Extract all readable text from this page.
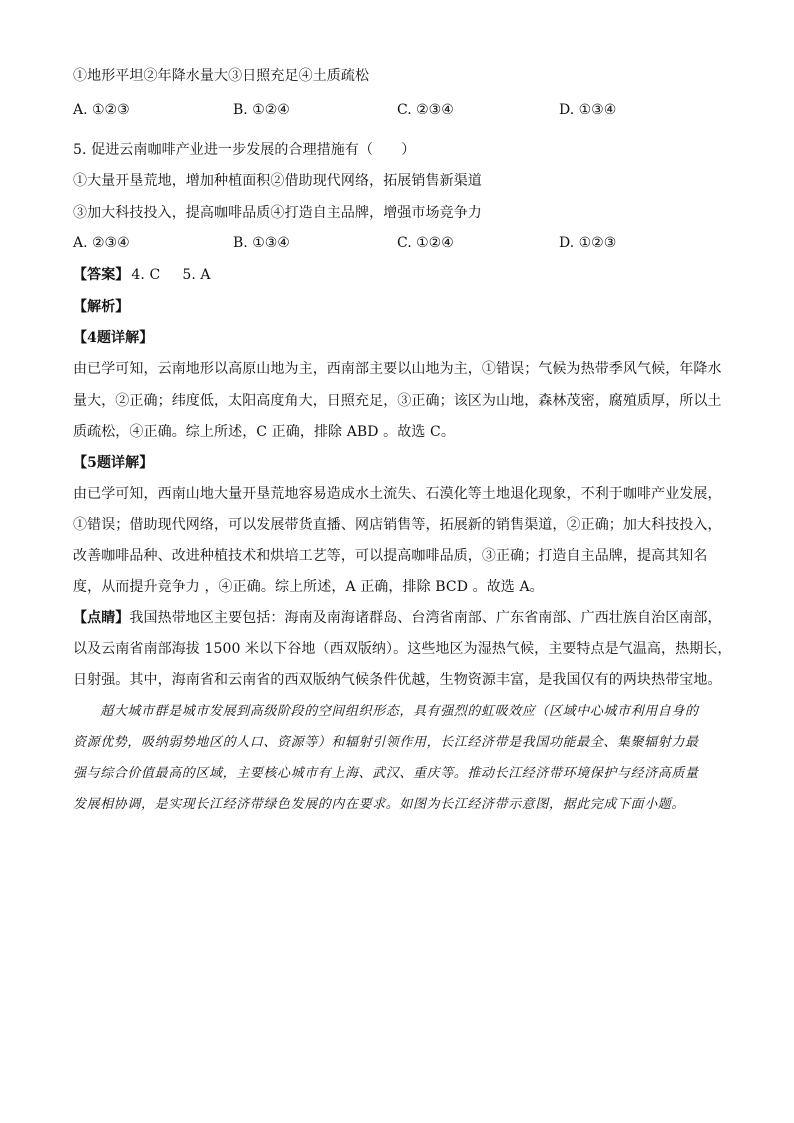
①地形平坦②年降水量大③日照充足④土质疏松
A. ①②③	B. ①②④	C. ②③④	D. ①③④
5. 促进云南咖啡产业进一步发展的合理措施有（　　）
①大量开垦荒地，增加种植面积②借助现代网络，拓展销售新渠道
③加大科技投入，提高咖啡品质④打造自主品牌，增强市场竞争力
A. ②③④	B. ①③④	C. ①②④	D. ①②③
【答案】 4. C 5. A
【解析】
【4题详解】
由已学可知，云南地形以高原山地为主，西南部主要以山地为主，①错误；气候为热带季风气候，年降水
量大，②正确；纬度低，太阳高度角大，日照充足，③正确；该区为山地，森林茂密，腐殖质厚，所以土
质疏松，④正确。综上所述，C 正确，排除 ABD 。故选 C。
【5题详解】
由已学可知，西南山地大量开垦荒地容易造成水土流失、石漠化等土地退化现象，不利于咖啡产业发展，
①错误；借助现代网络，可以发展带货直播、网店销售等，拓展新的销售渠道，②正确；加大科技投入，
改善咖啡品种、改进种植技术和烘培工艺等，可以提高咖啡品质，③正确；打造自主品牌，提高其知名
度，从而提升竞争力 ，④正确。综上所述，A 正确，排除 BCD 。故选 A。
【点睛】我国热带地区主要包括：海南及南海诸群岛、台湾省南部、广东省南部、广西壮族自治区南部，
以及云南省南部海拔 1500 米以下谷地（西双版纳）。这些地区为湿热气候，主要特点是气温高，热期长，
日射强。其中，海南省和云南省的西双版纳气候条件优越，生物资源丰富，是我国仅有的两块热带宝地。
　　超大城市群是城市发展到高级阶段的空间组织形态，具有强烈的虹吸效应（区域中心城市利用自身的
资源优势，吸纳弱势地区的人口、资源等）和辐射引领作用，长江经济带是我国功能最全、集聚辐射力最
强与综合价值最高的区域，主要核心城市有上海、武汉、重庆等。推动长江经济带环境保护与经济高质量
发展相协调，是实现长江经济带绿色发展的内在要求。如图为长江经济带示意图，据此完成下面小题。
